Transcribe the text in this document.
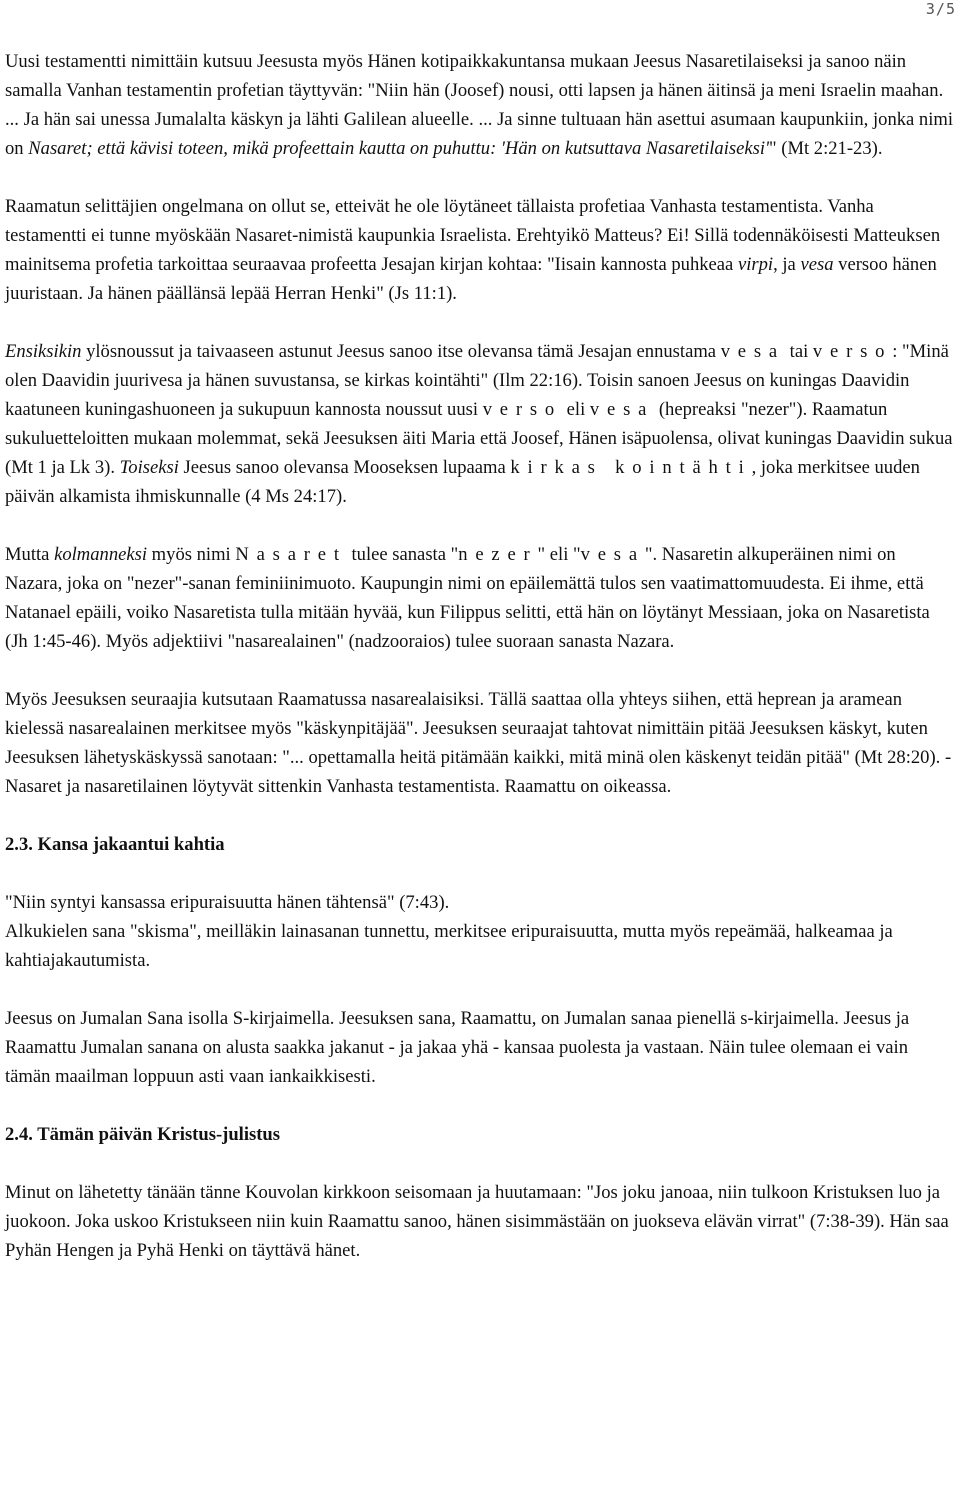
3/5

Uusi testamentti nimittäin kutsuu Jeesusta myös Hänen kotipaikkakuntansa mukaan Jeesus Nasaretilaiseksi ja sanoo näin samalla Vanhan testamentin profetian täyttyvän: "Niin hän (Joosef) nousi, otti lapsen ja hänen äitinsä ja meni Israelin maahan. ... Ja hän sai unessa Jumalalta käskyn ja lähti Galilean alueelle. ... Ja sinne tultuaan hän asettui asumaan kaupunkiin, jonka nimi on Nasaret; että kävisi toteen, mikä profeettain kautta on puhuttu: 'Hän on kutsuttava Nasaretilaiseksi'" (Mt 2:21-23).

Raamatun selittäjien ongelmana on ollut se, etteivät he ole löytäneet tällaista profetiaa Vanhasta testamentista. Vanha testamentti ei tunne myöskään Nasaret-nimistä kaupunkia Israelista. Erehtyikö Matteus? Ei! Sillä todennäköisesti Matteuksen mainitsema profetia tarkoittaa seuraavaa profeetta Jesajan kirjan kohtaa: "Iisain kannosta puhkeaa virpi, ja vesa versoo hänen juuristaan. Ja hänen päällänsä lepää Herran Henki" (Js 11:1).

Ensiksikin ylösnoussut ja taivaaseen astunut Jeesus sanoo itse olevansa tämä Jesajan ennustama vesa tai verso: "Minä olen Daavidin juurivesa ja hänen suvustansa, se kirkas kointähti" (Ilm 22:16). Toisin sanoen Jeesus on kuningas Daavidin kaatuneen kuningashuoneen ja sukupuun kannosta noussut uusi verso eli vesa (hepreaksi "nezer"). Raamatun sukuluetteloitten mukaan molemmat, sekä Jeesuksen äiti Maria että Joosef, Hänen isäpuolensa, olivat kuningas Daavidin sukua (Mt 1 ja Lk 3). Toiseksi Jeesus sanoo olevansa Mooseksen lupaama kirkas kointähti, joka merkitsee uuden päivän alkamista ihmiskunnalle (4 Ms 24:17).

Mutta kolmanneksi myös nimi Nasaret tulee sanasta "nezer" eli "vesa". Nasaretin alkuperäinen nimi on Nazara, joka on "nezer"-sanan feminiinimuoto. Kaupungin nimi on epäilemättä tulos sen vaatimattomuudesta. Ei ihme, että Natanael epäili, voiko Nasaretista tulla mitään hyvää, kun Filippus selitti, että hän on löytänyt Messiaan, joka on Nasaretista (Jh 1:45-46). Myös adjektiivi "nasarealainen" (nadzooraios) tulee suoraan sanasta Nazara.

Myös Jeesuksen seuraajia kutsutaan Raamatussa nasarealaisiksi. Tällä saattaa olla yhteys siihen, että heprean ja aramean kielessä nasarealainen merkitsee myös "käskynpitäjää". Jeesuksen seuraajat tahtovat nimittäin pitää Jeesuksen käskyt, kuten Jeesuksen lähetyskäskyssä sanotaan: "... opettamalla heitä pitämään kaikki, mitä minä olen käskenyt teidän pitää" (Mt 28:20). - Nasaret ja nasaretilainen löytyvät sittenkin Vanhasta testamentista. Raamattu on oikeassa.

2.3. Kansa jakaantui kahtia

"Niin syntyi kansassa eripuraisuutta hänen tähtensä" (7:43).

Alkukielen sana "skisma", meilläkin lainasanan tunnettu, merkitsee eripuraisuutta, mutta myös repeämää, halkeamaa ja kahtiajakautumista.

Jeesus on Jumalan Sana isolla S-kirjaimella. Jeesuksen sana, Raamattu, on Jumalan sanaa pienellä s-kirjaimella. Jeesus ja Raamattu Jumalan sanana on alusta saakka jakanut - ja jakaa yhä - kansaa puolesta ja vastaan. Näin tulee olemaan ei vain tämän maailman loppuun asti vaan iankaikkisesti.

2.4. Tämän päivän Kristus-julistus

Minut on lähetetty tänään tänne Kouvolan kirkkoon seisomaan ja huutamaan: "Jos joku janoaa, niin tulkoon Kristuksen luo ja juokoon. Joka uskoo Kristukseen niin kuin Raamattu sanoo, hänen sisimmästään on juokseva elävän virrat" (7:38-39). Hän saa Pyhän Hengen ja Pyhä Henki on täyttävä hänet.
